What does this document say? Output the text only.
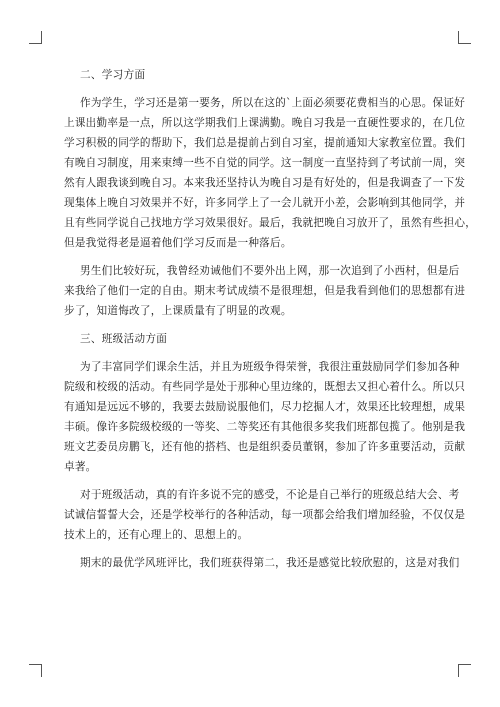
二、学习方面
作为学生，学习还是第一要务，所以在这的`上面必须要花费相当的心思。保证好
上课出勤率是一点，所以这学期我们上课满勤。晚自习我是一直硬性要求的，在几位
学习积极的同学的帮助下，我们总是提前占到自习室，提前通知大家教室位置。我们
有晚自习制度，用来束缚一些不自觉的同学。这一制度一直坚持到了考试前一周，突
然有人跟我谈到晚自习。本来我还坚持认为晚自习是有好处的，但是我调查了一下发
现集体上晚自习效果并不好，许多同学上了一会儿就开小差，会影响到其他同学，并
且有些同学说自己找地方学习效果很好。最后，我就把晚自习放开了，虽然有些担心，
但是我觉得老是逼着他们学习反而是一种落后。
男生们比较好玩，我曾经劝诫他们不要外出上网，那一次追到了小西村，但是后
来我给了他们一定的自由。期末考试成绩不是很理想，但是我看到他们的思想都有进
步了，知道悔改了，上课质量有了明显的改观。
三、班级活动方面
为了丰富同学们课余生活，并且为班级争得荣誉，我很注重鼓励同学们参加各种
院级和校级的活动。有些同学是处于那种心里边缘的，既想去又担心着什么。所以只
有通知是远远不够的，我要去鼓励说服他们，尽力挖掘人才，效果还比较理想，成果
丰硕。像许多院级校级的一等奖、二等奖还有其他很多奖我们班都包揽了。他别是我
班文艺委员房鹏飞，还有他的搭档、也是组织委员董钢，参加了许多重要活动，贡献
卓著。
对于班级活动，真的有许多说不完的感受，不论是自己举行的班级总结大会、考
试诚信誓誓大会，还是学校举行的各种活动，每一项都会给我们增加经验，不仅仅是
技术上的，还有心理上的、思想上的。
期末的最优学风班评比，我们班获得第二，我还是感觉比较欣慰的，这是对我们
